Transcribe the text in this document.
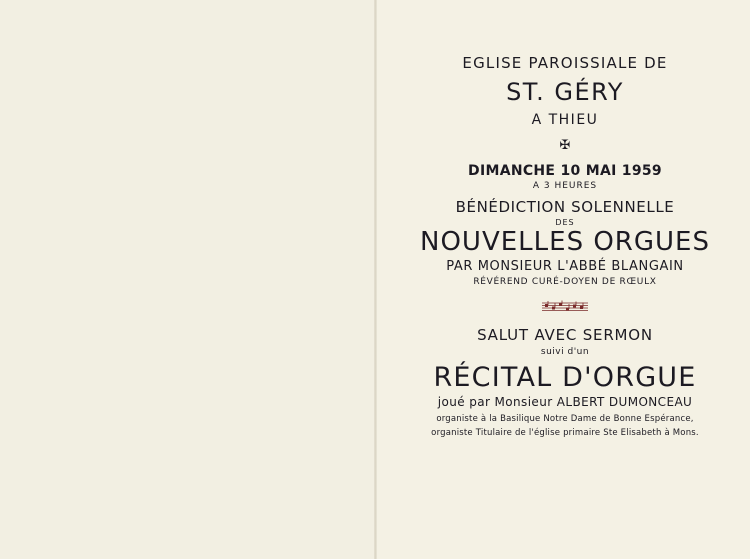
EGLISE PAROISSIALE DE
ST. GÉRY
A THIEU
✠
DIMANCHE 10 MAI 1959
A 3 HEURES
BÉNÉDICTION SOLENNELLE
DES
NOUVELLES ORGUES
PAR MONSIEUR L'ABBÉ BLANGAIN
RÉVÉREND CURÉ-DOYEN DE RŒULX
SALUT AVEC SERMON
suivi d'un
RÉCITAL D'ORGUE
joué par Monsieur ALBERT DUMONCEAU
organiste à la Basilique Notre Dame de Bonne Espérance,
organiste Titulaire de l'église primaire Ste Elisabeth à Mons.
